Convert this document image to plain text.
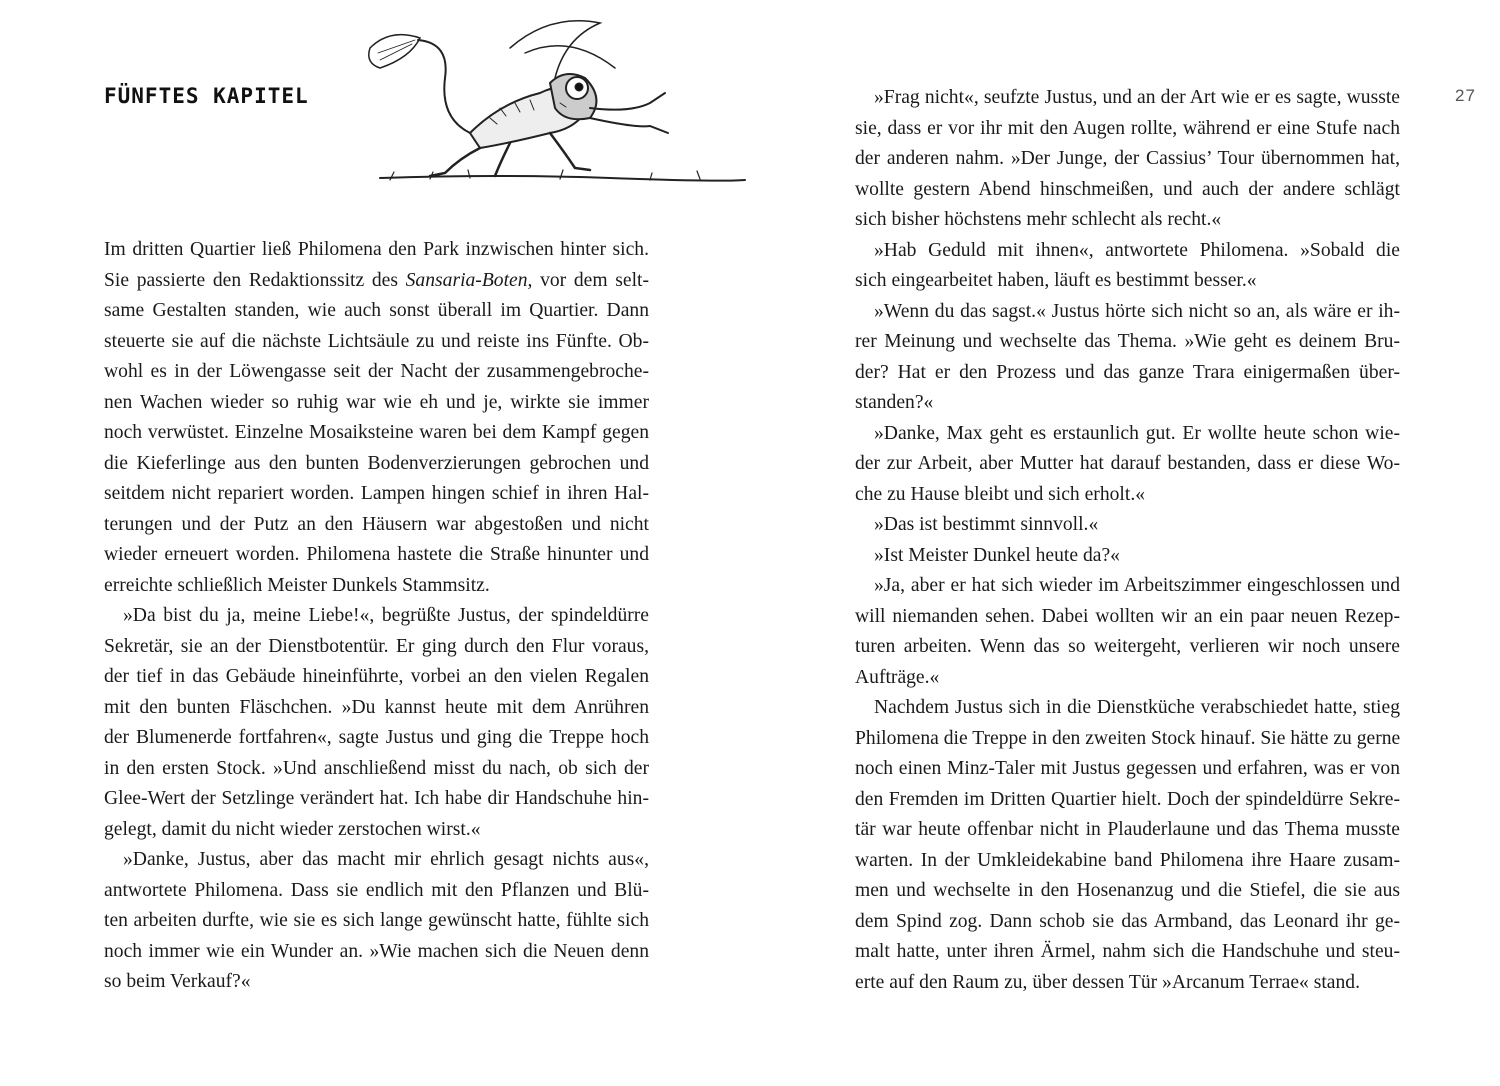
FÜNFTES KAPITEL	27
Im dritten Quartier ließ Philomena den Park inzwischen hinter sich.
Sie passierte den Redaktionssitz des Sansaria-Boten, vor dem selt-
same Gestalten standen, wie auch sonst überall im Quartier. Dann
steuerte sie auf die nächste Lichtsäule zu und reiste ins Fünfte. Ob-
wohl es in der Löwengasse seit der Nacht der zusammengebroche-
nen Wachen wieder so ruhig war wie eh und je, wirkte sie immer
noch verwüstet. Einzelne Mosaiksteine waren bei dem Kampf gegen
die Kieferlinge aus den bunten Bodenverzierungen gebrochen und
seitdem nicht repariert worden. Lampen hingen schief in ihren Hal-
terungen und der Putz an den Häusern war abgestoßen und nicht
wieder erneuert worden. Philomena hastete die Straße hinunter und
erreichte schließlich Meister Dunkels Stammsitz.
»Da bist du ja, meine Liebe!«, begrüßte Justus, der spindeldürre
Sekretär, sie an der Dienstbotentür. Er ging durch den Flur voraus,
der tief in das Gebäude hineinführte, vorbei an den vielen Regalen
mit den bunten Fläschchen. »Du kannst heute mit dem Anrühren
der Blumenerde fortfahren«, sagte Justus und ging die Treppe hoch
in den ersten Stock. »Und anschließend misst du nach, ob sich der
Glee-Wert der Setzlinge verändert hat. Ich habe dir Handschuhe hin-
gelegt, damit du nicht wieder zerstochen wirst.«
»Danke, Justus, aber das macht mir ehrlich gesagt nichts aus«,
antwortete Philomena. Dass sie endlich mit den Pflanzen und Blü-
ten arbeiten durfte, wie sie es sich lange gewünscht hatte, fühlte sich
noch immer wie ein Wunder an. »Wie machen sich die Neuen denn
so beim Verkauf?«
»Frag nicht«, seufzte Justus, und an der Art wie er es sagte, wusste
sie, dass er vor ihr mit den Augen rollte, während er eine Stufe nach
der anderen nahm. »Der Junge, der Cassius’ Tour übernommen hat,
wollte gestern Abend hinschmeißen, und auch der andere schlägt
sich bisher höchstens mehr schlecht als recht.«
»Hab Geduld mit ihnen«, antwortete Philomena. »Sobald die
sich eingearbeitet haben, läuft es bestimmt besser.«
»Wenn du das sagst.« Justus hörte sich nicht so an, als wäre er ih-
rer Meinung und wechselte das Thema. »Wie geht es deinem Bru-
der? Hat er den Prozess und das ganze Trara einigermaßen über-
standen?«
»Danke, Max geht es erstaunlich gut. Er wollte heute schon wie-
der zur Arbeit, aber Mutter hat darauf bestanden, dass er diese Wo-
che zu Hause bleibt und sich erholt.«
»Das ist bestimmt sinnvoll.«
»Ist Meister Dunkel heute da?«
»Ja, aber er hat sich wieder im Arbeitszimmer eingeschlossen und
will niemanden sehen. Dabei wollten wir an ein paar neuen Rezep-
turen arbeiten. Wenn das so weitergeht, verlieren wir noch unsere
Aufträge.«
Nachdem Justus sich in die Dienstküche verabschiedet hatte, stieg
Philomena die Treppe in den zweiten Stock hinauf. Sie hätte zu gerne
noch einen Minz-Taler mit Justus gegessen und erfahren, was er von
den Fremden im Dritten Quartier hielt. Doch der spindeldürre Sekre-
tär war heute offenbar nicht in Plauderlaune und das Thema musste
warten. In der Umkleidekabine band Philomena ihre Haare zusam-
men und wechselte in den Hosenanzug und die Stiefel, die sie aus
dem Spind zog. Dann schob sie das Armband, das Leonard ihr ge-
malt hatte, unter ihren Ärmel, nahm sich die Handschuhe und steu-
erte auf den Raum zu, über dessen Tür »Arcanum Terrae« stand.
